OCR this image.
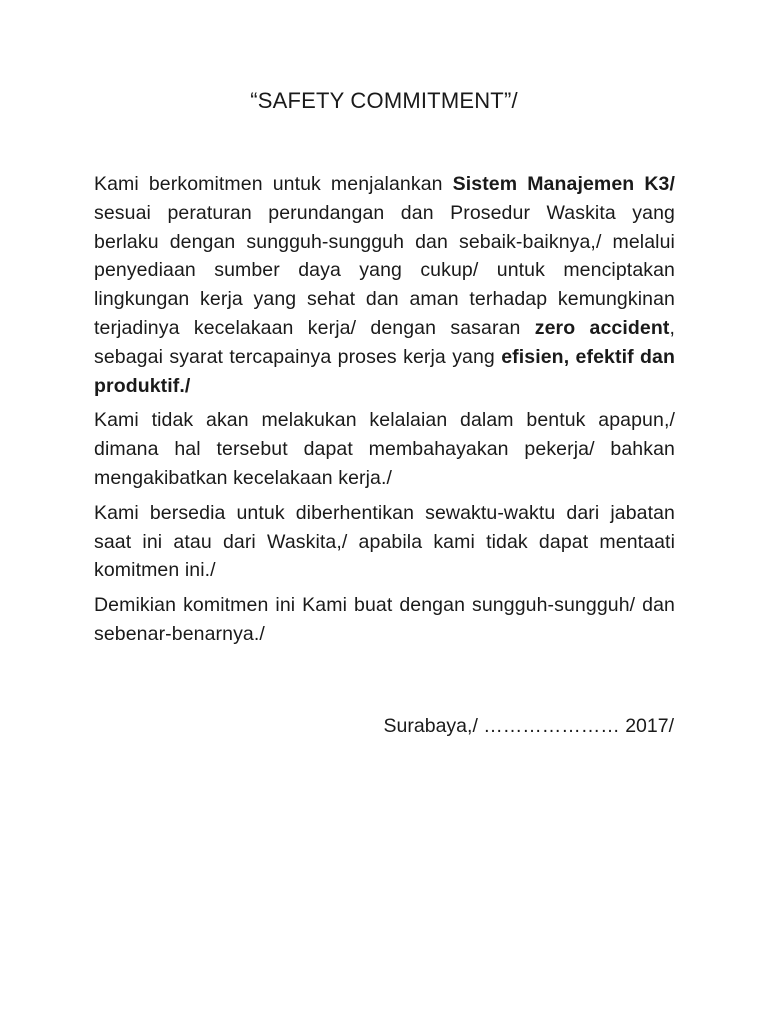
“SAFETY COMMITMENT”/

Kami berkomitmen untuk menjalankan Sistem Manajemen K3/ sesuai peraturan perundangan dan Prosedur Waskita yang berlaku dengan sungguh-sungguh dan sebaik-baiknya,/ melalui penyediaan sumber daya yang cukup/ untuk menciptakan lingkungan kerja yang sehat dan aman terhadap kemungkinan terjadinya kecelakaan kerja/ dengan sasaran zero accident, sebagai syarat tercapainya proses kerja yang efisien, efektif dan produktif./

Kami tidak akan melakukan kelalaian dalam bentuk apapun,/ dimana hal tersebut dapat membahayakan pekerja/ bahkan mengakibatkan kecelakaan kerja./

Kami bersedia untuk diberhentikan sewaktu-waktu dari jabatan saat ini atau dari Waskita,/ apabila kami tidak dapat mentaati komitmen ini./

Demikian komitmen ini Kami buat dengan sungguh-sungguh/ dan sebenar-benarnya./

Surabaya,/ ………………… 2017/
